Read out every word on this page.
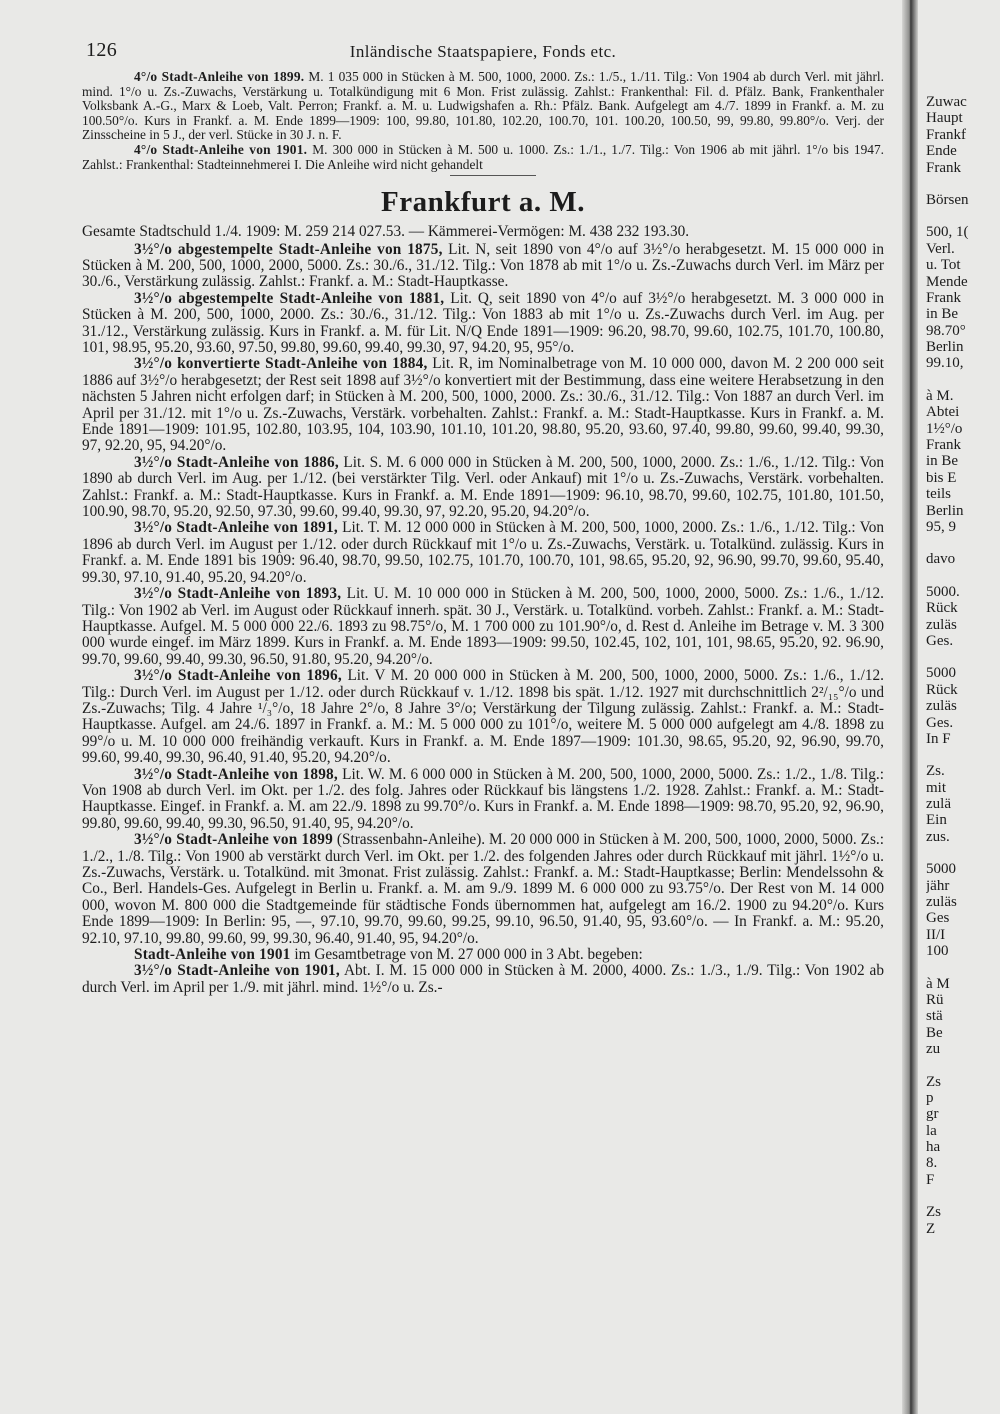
126	Inländische Staatspapiere, Fonds etc.

4°/o Stadt-Anleihe von 1899. M. 1 035 000 in Stücken à M. 500, 1000, 2000. Zs.: 1./5., 1./11. Tilg.: Von 1904 ab durch Verl. mit jährl. mind. 1°/o u. Zs.-Zuwachs, Verstärkung u. Totalkündigung mit 6 Mon. Frist zulässig. Zahlst.: Frankenthal: Fil. d. Pfälz. Bank, Frankenthaler Volksbank A.-G., Marx & Loeb, Valt. Perron; Frankf. a. M. u. Ludwigshafen a. Rh.: Pfälz. Bank. Aufgelegt am 4./7. 1899 in Frankf. a. M. zu 100.50°/o. Kurs in Frankf. a. M. Ende 1899—1909: 100, 99.80, 101.80, 102.20, 100.70, 101. 100.20, 100.50, 99, 99.80, 99.80°/o. Verj. der Zinsscheine in 5 J., der verl. Stücke in 30 J. n. F.

4°/o Stadt-Anleihe von 1901. M. 300 000 in Stücken à M. 500 u. 1000. Zs.: 1./1., 1./7. Tilg.: Von 1906 ab mit jährl. 1°/o bis 1947. Zahlst.: Frankenthal: Stadteinnehmerei I. Die Anleihe wird nicht gehandelt

Frankfurt a. M.

Gesamte Stadtschuld 1./4. 1909: M. 259 214 027.53. — Kämmerei-Vermögen: M. 438 232 193.30.

3½°/o abgestempelte Stadt-Anleihe von 1875, Lit. N, seit 1890 von 4°/o auf 3½°/o herabgesetzt. M. 15 000 000 in Stücken à M. 200, 500, 1000, 2000, 5000. Zs.: 30./6., 31./12. Tilg.: Von 1878 ab mit 1°/o u. Zs.-Zuwachs durch Verl. im März per 30./6., Verstärkung zulässig. Zahlst.: Frankf. a. M.: Stadt-Hauptkasse.

3½°/o abgestempelte Stadt-Anleihe von 1881, Lit. Q, seit 1890 von 4°/o auf 3½°/o herabgesetzt. M. 3 000 000 in Stücken à M. 200, 500, 1000, 2000. Zs.: 30./6., 31./12. Tilg.: Von 1883 ab mit 1°/o u. Zs.-Zuwachs durch Verl. im Aug. per 31./12., Verstärkung zulässig. Kurs in Frankf. a. M. für Lit. N/Q Ende 1891—1909: 96.20, 98.70, 99.60, 102.75, 101.70, 100.80, 101, 98.95, 95.20, 93.60, 97.50, 99.80, 99.60, 99.40, 99.30, 97, 94.20, 95, 95°/o.

3½°/o konvertierte Stadt-Anleihe von 1884, Lit. R, im Nominalbetrage von M. 10 000 000, davon M. 2 200 000 seit 1886 auf 3½°/o herabgesetzt; der Rest seit 1898 auf 3½°/o konvertiert mit der Bestimmung, dass eine weitere Herabsetzung in den nächsten 5 Jahren nicht erfolgen darf; in Stücken à M. 200, 500, 1000, 2000. Zs.: 30./6., 31./12. Tilg.: Von 1887 an durch Verl. im April per 31./12. mit 1°/o u. Zs.-Zuwachs, Verstärk. vorbehalten. Zahlst.: Frankf. a. M.: Stadt-Hauptkasse. Kurs in Frankf. a. M. Ende 1891—1909: 101.95, 102.80, 103.95, 104, 103.90, 101.10, 101.20, 98.80, 95.20, 93.60, 97.40, 99.80, 99.60, 99.40, 99.30, 97, 92.20, 95, 94.20°/o.

3½°/o Stadt-Anleihe von 1886, Lit. S. M. 6 000 000 in Stücken à M. 200, 500, 1000, 2000. Zs.: 1./6., 1./12. Tilg.: Von 1890 ab durch Verl. im Aug. per 1./12. (bei verstärkter Tilg. Verl. oder Ankauf) mit 1°/o u. Zs.-Zuwachs, Verstärk. vorbehalten. Zahlst.: Frankf. a. M.: Stadt-Hauptkasse. Kurs in Frankf. a. M. Ende 1891—1909: 96.10, 98.70, 99.60, 102.75, 101.80, 101.50, 100.90, 98.70, 95.20, 92.50, 97.30, 99.60, 99.40, 99.30, 97, 92.20, 95.20, 94.20°/o.

3½°/o Stadt-Anleihe von 1891, Lit. T. M. 12 000 000 in Stücken à M. 200, 500, 1000, 2000. Zs.: 1./6., 1./12. Tilg.: Von 1896 ab durch Verl. im August per 1./12. oder durch Rückkauf mit 1°/o u. Zs.-Zuwachs, Verstärk. u. Totalkünd. zulässig. Kurs in Frankf. a. M. Ende 1891 bis 1909: 96.40, 98.70, 99.50, 102.75, 101.70, 100.70, 101, 98.65, 95.20, 92, 96.90, 99.70, 99.60, 95.40, 99.30, 97.10, 91.40, 95.20, 94.20°/o.

3½°/o Stadt-Anleihe von 1893, Lit. U. M. 10 000 000 in Stücken à M. 200, 500, 1000, 2000, 5000. Zs.: 1./6., 1./12. Tilg.: Von 1902 ab Verl. im August oder Rückkauf innerh. spät. 30 J., Verstärk. u. Totalkünd. vorbeh. Zahlst.: Frankf. a. M.: Stadt-Hauptkasse. Aufgel. M. 5 000 000 22./6. 1893 zu 98.75°/o, M. 1 700 000 zu 101.90°/o, d. Rest d. Anleihe im Betrage v. M. 3 300 000 wurde eingef. im März 1899. Kurs in Frankf. a. M. Ende 1893—1909: 99.50, 102.45, 102, 101, 101, 98.65, 95.20, 92. 96.90, 99.70, 99.60, 99.40, 99.30, 96.50, 91.80, 95.20, 94.20°/o.

3½°/o Stadt-Anleihe von 1896, Lit. V M. 20 000 000 in Stücken à M. 200, 500, 1000, 2000, 5000. Zs.: 1./6., 1./12. Tilg.: Durch Verl. im August per 1./12. oder durch Rückkauf v. 1./12. 1898 bis spät. 1./12. 1927 mit durchschnittlich 2²/₁₅°/o und Zs.-Zuwachs; Tilg. 4 Jahre ¹/₃°/o, 18 Jahre 2°/o, 8 Jahre 3°/o; Verstärkung der Tilgung zulässig. Zahlst.: Frankf. a. M.: Stadt-Hauptkasse. Aufgel. am 24./6. 1897 in Frankf. a. M.: M. 5 000 000 zu 101°/o, weitere M. 5 000 000 aufgelegt am 4./8. 1898 zu 99°/o u. M. 10 000 000 freihändig verkauft. Kurs in Frankf. a. M. Ende 1897—1909: 101.30, 98.65, 95.20, 92, 96.90, 99.70, 99.60, 99.40, 99.30, 96.40, 91.40, 95.20, 94.20°/o.

3½°/o Stadt-Anleihe von 1898, Lit. W. M. 6 000 000 in Stücken à M. 200, 500, 1000, 2000, 5000. Zs.: 1./2., 1./8. Tilg.: Von 1908 ab durch Verl. im Okt. per 1./2. des folg. Jahres oder Rückkauf bis längstens 1./2. 1928. Zahlst.: Frankf. a. M.: Stadt-Hauptkasse. Eingef. in Frankf. a. M. am 22./9. 1898 zu 99.70°/o. Kurs in Frankf. a. M. Ende 1898—1909: 98.70, 95.20, 92, 96.90, 99.80, 99.60, 99.40, 99.30, 96.50, 91.40, 95, 94.20°/o.

3½°/o Stadt-Anleihe von 1899 (Strassenbahn-Anleihe). M. 20 000 000 in Stücken à M. 200, 500, 1000, 2000, 5000. Zs.: 1./2., 1./8. Tilg.: Von 1900 ab verstärkt durch Verl. im Okt. per 1./2. des folgenden Jahres oder durch Rückkauf mit jährl. 1½°/o u. Zs.-Zuwachs, Verstärk. u. Totalkünd. mit 3monat. Frist zulässig. Zahlst.: Frankf. a. M.: Stadt-Hauptkasse; Berlin: Mendelssohn & Co., Berl. Handels-Ges. Aufgelegt in Berlin u. Frankf. a. M. am 9./9. 1899 M. 6 000 000 zu 93.75°/o. Der Rest von M. 14 000 000, wovon M. 800 000 die Stadtgemeinde für städtische Fonds übernommen hat, aufgelegt am 16./2. 1900 zu 94.20°/o. Kurs Ende 1899—1909: In Berlin: 95, —, 97.10, 99.70, 99.60, 99.25, 99.10, 96.50, 91.40, 95, 93.60°/o. — In Frankf. a. M.: 95.20, 92.10, 97.10, 99.80, 99.60, 99, 99.30, 96.40, 91.40, 95, 94.20°/o.

Stadt-Anleihe von 1901 im Gesamtbetrage von M. 27 000 000 in 3 Abt. begeben:

3½°/o Stadt-Anleihe von 1901, Abt. I. M. 15 000 000 in Stücken à M. 2000, 4000. Zs.: 1./3., 1./9. Tilg.: Von 1902 ab durch Verl. im April per 1./9. mit jährl. mind. 1½°/o u. Zs.-

Zuwac
Haupt
Frankf
Ende
Frank
Börsen
500, 1(
Verl.
u. Tot
Mende
Frank
in Be
98.70°
Berlin
99.10,
à M.
Abtei
1½°/o
Frank
in Be
bis E
teils
Berlin
95, 9
davo
5000.
Rück
zuläs
Ges.
5000
Rück
zuläs
Ges.
In F
Zs.
mit
zulä
Ein
zus.
5000
jähr
zuläs
Ges
II/I
100
à M
Rü
stä
Be
zu
Zs
p
gr
la
ha
8.
F
Zs
Z
